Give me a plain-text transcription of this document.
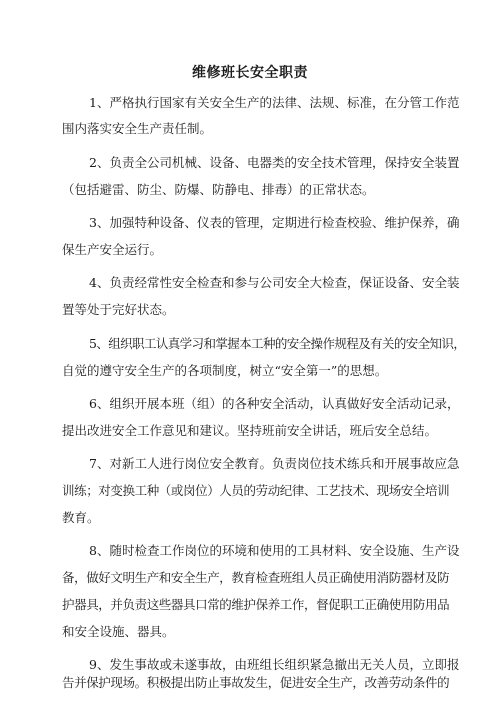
维修班长安全职责
1、严格执行国家有关安全生产的法律、法规、标准，在分管工作范
围内落实安全生产责任制。
2、负责全公司机械、设备、电器类的安全技术管理，保持安全装置
（包括避雷、防尘、防爆、防静电、排毒）的正常状态。
3、加强特种设备、仪表的管理，定期进行检查校验、维护保养，确
保生产安全运行。
4、负责经常性安全检查和参与公司安全大检查，保证设备、安全装
置等处于完好状态。
5、组织职工认真学习和掌握本工种的安全操作规程及有关的安全知识，
自觉的遵守安全生产的各项制度，树立“安全第一”的思想。
6、组织开展本班（组）的各种安全活动，认真做好安全活动记录，
提出改进安全工作意见和建议。坚持班前安全讲话，班后安全总结。
7、对新工人进行岗位安全教育。负责岗位技术练兵和开展事故应急
训练；对变换工种（或岗位）人员的劳动纪律、工艺技术、现场安全培训
教育。
8、随时检查工作岗位的环境和使用的工具材料、安全设施、生产设
备，做好文明生产和安全生产，教育检查班组人员正确使用消防器材及防
护器具，并负责这些器具口常的维护保养工作，督促职工正确使用防用品
和安全设施、器具。
9、发生事故或未遂事故，由班组长组织紧急撤出无关人员，立即报
告并保护现场。积极提出防止事故发生，促进安全生产，改善劳动条件的
